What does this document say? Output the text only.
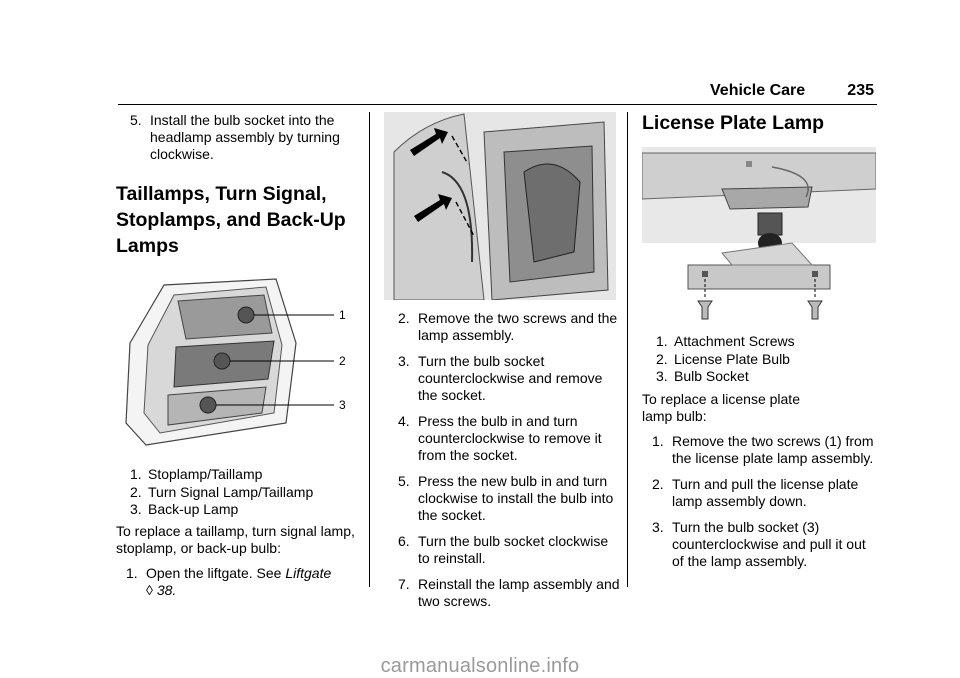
Vehicle Care	235
5. Install the bulb socket into the headlamp assembly by turning clockwise.
Taillamps, Turn Signal, Stoplamps, and Back-Up Lamps
1
2
3
1. Stoplamp/Taillamp
2. Turn Signal Lamp/Taillamp
3. Back-up Lamp

To replace a taillamp, turn signal lamp, stoplamp, or back-up bulb:

1. Open the liftgate. See Liftgate
◊ 38.
2. Remove the two screws and the lamp assembly.
3. Turn the bulb socket counterclockwise and remove the socket.
4. Press the bulb in and turn counterclockwise to remove it from the socket.
5. Press the new bulb in and turn clockwise to install the bulb into the socket.
6. Turn the bulb socket clockwise to reinstall.
7. Reinstall the lamp assembly and two screws.
License Plate Lamp
1. Attachment Screws
2. License Plate Bulb
3. Bulb Socket

To replace a license plate lamp bulb:

1. Remove the two screws (1) from the license plate lamp assembly.
2. Turn and pull the license plate lamp assembly down.
3. Turn the bulb socket (3) counterclockwise and pull it out of the lamp assembly.
carmanualsonline.info
